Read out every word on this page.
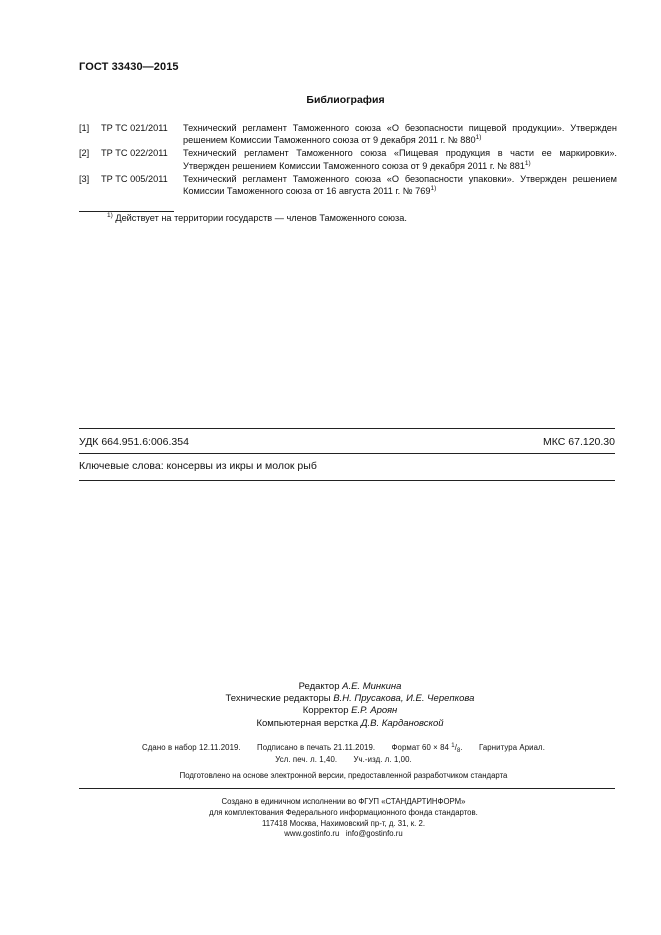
ГОСТ 33430—2015
Библиография
[1] ТР ТС 021/2011 Технический регламент Таможенного союза «О безопасности пищевой продукции». Утвержден решением Комиссии Таможенного союза от 9 декабря 2011 г. № 880$^{1)}$
[2] ТР ТС 022/2011 Технический регламент Таможенного союза «Пищевая продукция в части ее маркировки». Утвержден решением Комиссии Таможенного союза от 9 декабря 2011 г. № 881$^{1)}$
[3] ТР ТС 005/2011 Технический регламент Таможенного союза «О безопасности упаковки». Утвержден решением Комиссии Таможенного союза от 16 августа 2011 г. № 769$^{1)}$
$^{1)}$ Действует на территории государств — членов Таможенного союза.
УДК 664.951.6:006.354	МКС 67.120.30
Ключевые слова: консервы из икры и молок рыб
Редактор А.Е. Минкина
Технические редакторы В.Н. Прусакова, И.Е. Черепкова
Корректор Е.Р. Ароян
Компьютерная верстка Д.В. Кардановской
Сдано в набор 12.11.2019. Подписано в печать 21.11.2019. Формат 60 × 84 $^1/_8$. Гарнитура Ариал.
Усл. печ. л. 1,40. Уч.-изд. л. 1,00.
Подготовлено на основе электронной версии, предоставленной разработчиком стандарта
Создано в единичном исполнении во ФГУП «СТАНДАРТИНФОРМ»
для комплектования Федерального информационного фонда стандартов.
117418 Москва, Нахимовский пр-т, д. 31, к. 2.
www.gostinfo.ru info@gostinfo.ru
